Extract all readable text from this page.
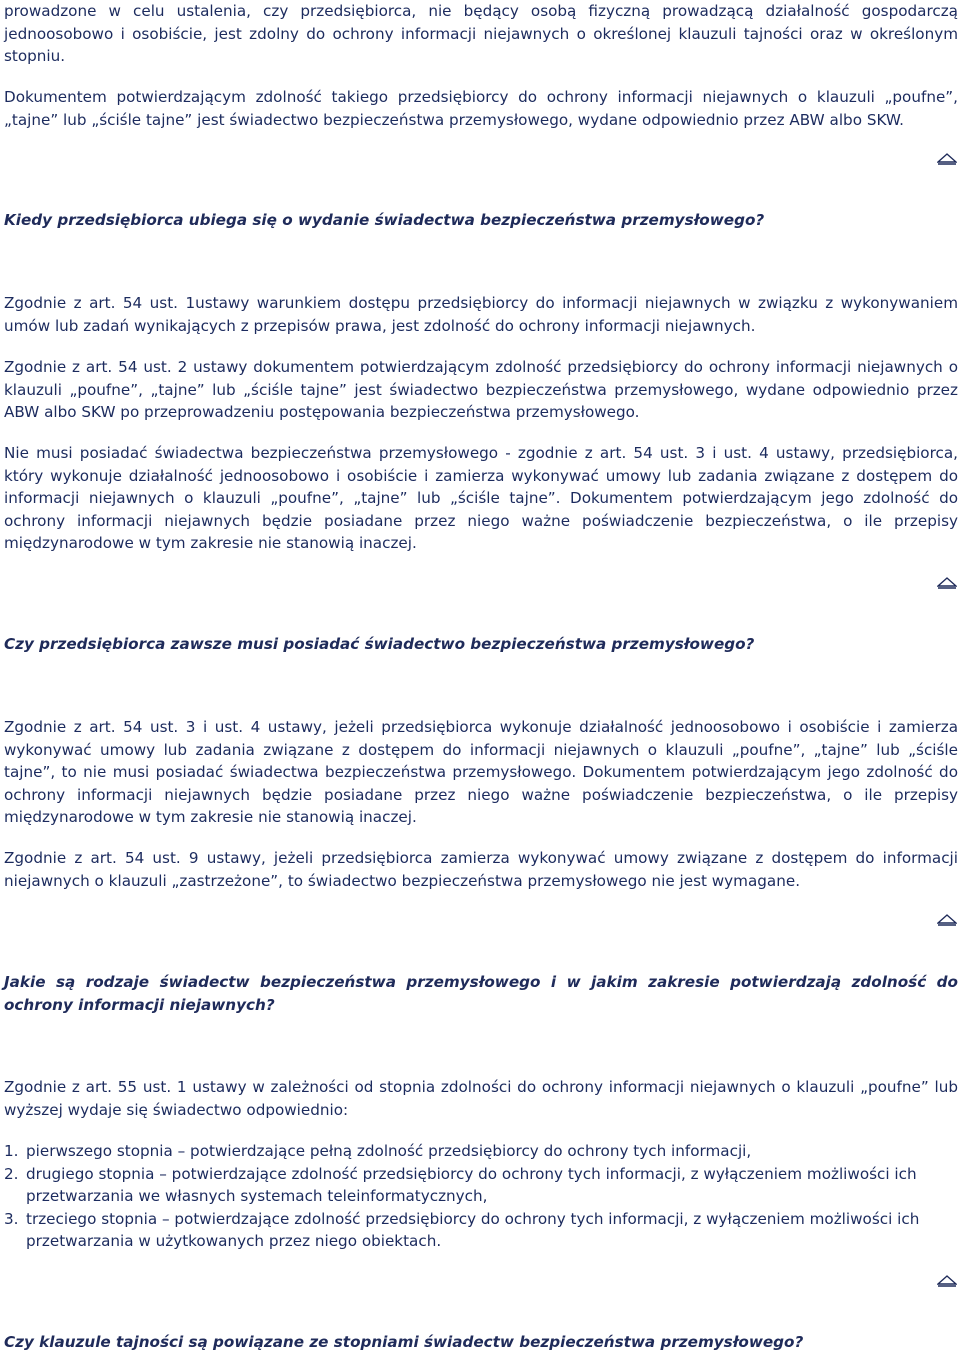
prowadzone w celu ustalenia, czy przedsiębiorca, nie będący osobą fizyczną prowadzącą działalność gospodarczą jednoosobowo i osobiście, jest zdolny do ochrony informacji niejawnych o określonej klauzuli tajności oraz w określonym stopniu.

Dokumentem potwierdzającym zdolność takiego przedsiębiorcy do ochrony informacji niejawnych o klauzuli „poufne”, „tajne” lub „ściśle tajne” jest świadectwo bezpieczeństwa przemysłowego, wydane odpowiednio przez ABW albo SKW.

Kiedy przedsiębiorca ubiega się o wydanie świadectwa bezpieczeństwa przemysłowego?

Zgodnie z art. 54 ust. 1ustawy warunkiem dostępu przedsiębiorcy do informacji niejawnych w związku z wykonywaniem umów lub zadań wynikających z przepisów prawa, jest zdolność do ochrony informacji niejawnych.

Zgodnie z art. 54 ust. 2 ustawy dokumentem potwierdzającym zdolność przedsiębiorcy do ochrony informacji niejawnych o klauzuli „poufne”, „tajne” lub „ściśle tajne” jest świadectwo bezpieczeństwa przemysłowego, wydane odpowiednio przez ABW albo SKW po przeprowadzeniu postępowania bezpieczeństwa przemysłowego.

Nie musi posiadać świadectwa bezpieczeństwa przemysłowego - zgodnie z art. 54 ust. 3 i ust. 4 ustawy, przedsiębiorca, który wykonuje działalność jednoosobowo i osobiście i zamierza wykonywać umowy lub zadania związane z dostępem do informacji niejawnych o klauzuli „poufne”, „tajne” lub „ściśle tajne”. Dokumentem potwierdzającym jego zdolność do ochrony informacji niejawnych będzie posiadane przez niego ważne poświadczenie bezpieczeństwa, o ile przepisy międzynarodowe w tym zakresie nie stanowią inaczej.

Czy przedsiębiorca zawsze musi posiadać świadectwo bezpieczeństwa przemysłowego?

Zgodnie z art. 54 ust. 3 i ust. 4 ustawy, jeżeli przedsiębiorca wykonuje działalność jednoosobowo i osobiście i zamierza wykonywać umowy lub zadania związane z dostępem do informacji niejawnych o klauzuli „poufne”, „tajne” lub „ściśle tajne”, to nie musi posiadać świadectwa bezpieczeństwa przemysłowego. Dokumentem potwierdzającym jego zdolność do ochrony informacji niejawnych będzie posiadane przez niego ważne poświadczenie bezpieczeństwa, o ile przepisy międzynarodowe w tym zakresie nie stanowią inaczej.

Zgodnie z art. 54 ust. 9 ustawy, jeżeli przedsiębiorca zamierza wykonywać umowy związane z dostępem do informacji niejawnych o klauzuli „zastrzeżone”, to świadectwo bezpieczeństwa przemysłowego nie jest wymagane.

Jakie są rodzaje świadectw bezpieczeństwa przemysłowego i w jakim zakresie potwierdzają zdolność do ochrony informacji niejawnych?

Zgodnie z art. 55 ust. 1 ustawy w zależności od stopnia zdolności do ochrony informacji niejawnych o klauzuli „poufne” lub wyższej wydaje się świadectwo odpowiednio:

1. pierwszego stopnia – potwierdzające pełną zdolność przedsiębiorcy do ochrony tych informacji,
2. drugiego stopnia – potwierdzające zdolność przedsiębiorcy do ochrony tych informacji, z wyłączeniem możliwości ich przetwarzania we własnych systemach teleinformatycznych,
3. trzeciego stopnia – potwierdzające zdolność przedsiębiorcy do ochrony tych informacji, z wyłączeniem możliwości ich przetwarzania w użytkowanych przez niego obiektach.

Czy klauzule tajności są powiązane ze stopniami świadectw bezpieczeństwa przemysłowego?
